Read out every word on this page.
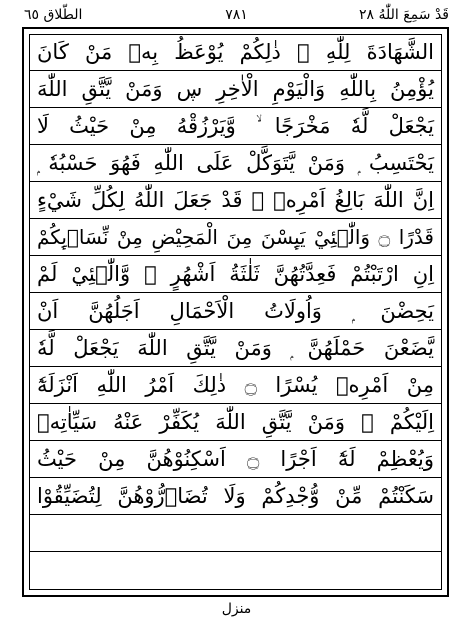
قَدْ سَمِعَ اللّٰهُ ٢٨
٧٨١
الطّلاق ٦٥
الشَّهَادَةَ لِلّٰهِ ۭ ذٰلِكُمْ يُوْعَظُ بِهٖ مَنْ كَانَ
يُؤْمِنُ بِاللّٰهِ وَالْيَوْمِ الْاٰخِرِ ڛ وَمَنْ يَّتَّقِ اللّٰهَ
يَجْعَلْ لَّهٗ مَخْرَجًا ۙ وَّيَرْزُقْهُ مِنْ حَيْثُ لَا
يَحْتَسِبُ ۭ وَمَنْ يَّتَوَكَّلْ عَلَى اللّٰهِ فَهُوَ حَسْبُهٗ ۭ
اِنَّ اللّٰهَ بَالِغُ اَمْرِهٖ ۭ قَدْ جَعَلَ اللّٰهُ لِكُلِّ شَيْءٍ
قَدْرًا ۝ وَالّٰۗئِيْ يَىِٕسْنَ مِنَ الْمَحِيْضِ مِنْ نِّسَاۗىِٕكُمْ
اِنِ ارْتَبْتُمْ فَعِدَّتُهُنَّ ثَلٰثَةُ اَشْهُرٍ ۙ وَّالّٰۗئِيْ لَمْ
يَحِضْنَ ۭ وَاُولَاتُ الْاَحْمَالِ اَجَلُهُنَّ اَنْ
يَّضَعْنَ حَمْلَهُنَّ ۭ وَمَنْ يَّتَّقِ اللّٰهَ يَجْعَلْ لَّهٗ
مِنْ اَمْرِهٖ يُسْرًا ۝ ذٰلِكَ اَمْرُ اللّٰهِ اَنْزَلَهٗٓ
اِلَيْكُمْ ۭ وَمَنْ يَّتَّقِ اللّٰهَ يُكَفِّرْ عَنْهُ سَيِّاٰتِهٖ
وَيُعْظِمْ لَهٗٓ اَجْرًا ۝ اَسْكِنُوْهُنَّ مِنْ حَيْثُ
سَكَنْتُمْ مِّنْ وُّجْدِكُمْ وَلَا تُضَاۗرُّوْهُنَّ لِتُضَيِّقُوْا
منزل
